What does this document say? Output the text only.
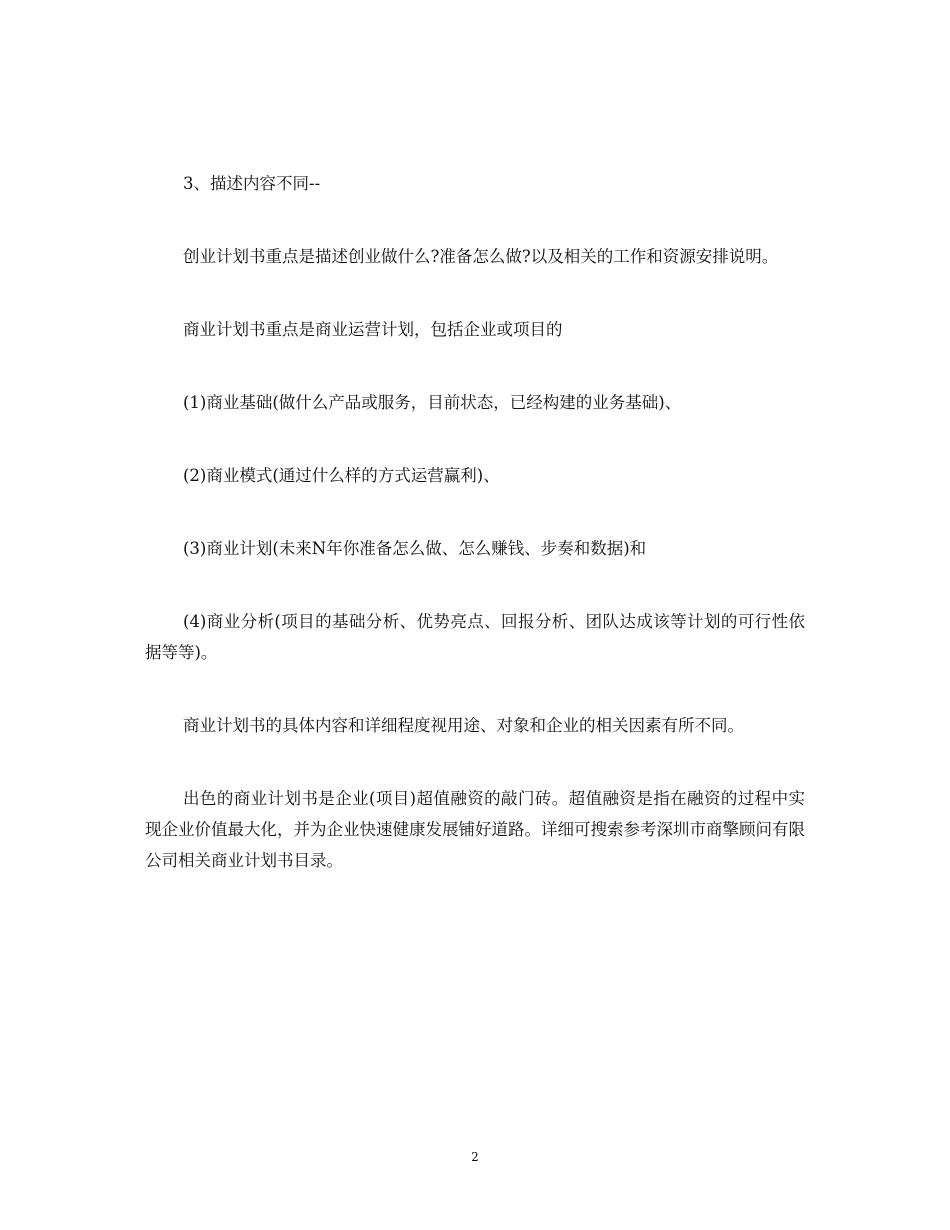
3、描述内容不同--

创业计划书重点是描述创业做什么?准备怎么做?以及相关的工作和资源安排说明。

商业计划书重点是商业运营计划，包括企业或项目的

(1)商业基础(做什么产品或服务，目前状态，已经构建的业务基础)、

(2)商业模式(通过什么样的方式运营赢利)、

(3)商业计划(未来N年你准备怎么做、怎么赚钱、步奏和数据)和

(4)商业分析(项目的基础分析、优势亮点、回报分析、团队达成该等计划的可行性依据等等)。

商业计划书的具体内容和详细程度视用途、对象和企业的相关因素有所不同。

出色的商业计划书是企业(项目)超值融资的敲门砖。超值融资是指在融资的过程中实现企业价值最大化，并为企业快速健康发展铺好道路。详细可搜索参考深圳市商擎顾问有限公司相关商业计划书目录。

2
